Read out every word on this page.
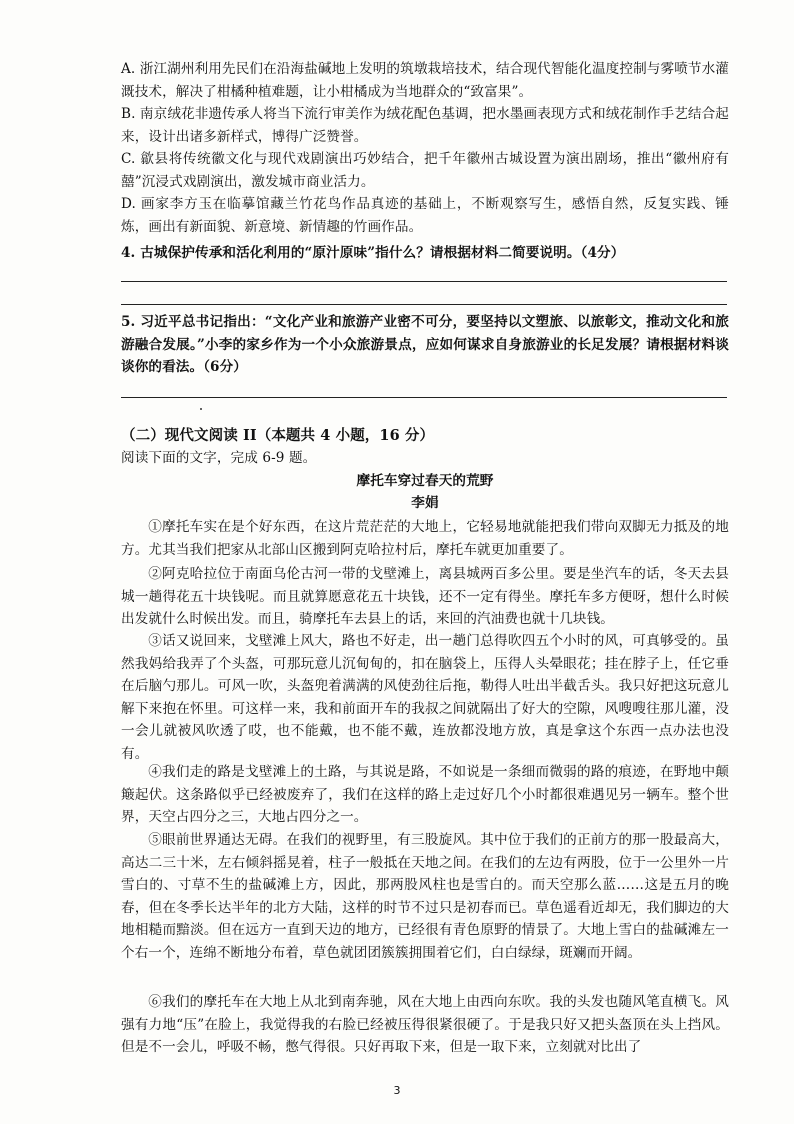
A. 浙江湖州利用先民们在沿海盐碱地上发明的筑墩栽培技术，结合现代智能化温度控制与雾喷节水灌溉技术，解决了柑橘种植难题，让小柑橘成为当地群众的“致富果”。
B. 南京绒花非遗传承人将当下流行审美作为绒花配色基调，把水墨画表现方式和绒花制作手艺结合起来，设计出诸多新样式，博得广泛赞誉。
C. 歙县将传统徽文化与现代戏剧演出巧妙结合，把千年徽州古城设置为演出剧场，推出“徽州府有囍”沉浸式戏剧演出，激发城市商业活力。
D. 画家李方玉在临摹馆藏兰竹花鸟作品真迹的基础上，不断观察写生，感悟自然，反复实践、锤炼，画出有新面貌、新意境、新情趣的竹画作品。
4. 古城保护传承和活化利用的“原汁原味”指什么？请根据材料二简要说明。（4分）
5. 习近平总书记指出：“文化产业和旅游产业密不可分，要坚持以文塑旅、以旅彰文，推动文化和旅游融合发展。”小李的家乡作为一个小众旅游景点，应如何谋求自身旅游业的长足发展？请根据材料谈谈你的看法。（6分）
（二）现代文阅读 II（本题共 4 小题，16 分）
阅读下面的文字，完成 6-9 题。
摩托车穿过春天的荒野
李娟
①摩托车实在是个好东西，在这片荒茫茫的大地上，它轻易地就能把我们带向双脚无力抵及的地方。尤其当我们把家从北部山区搬到阿克哈拉村后，摩托车就更加重要了。
②阿克哈拉位于南面乌伦古河一带的戈壁滩上，离县城两百多公里。要是坐汽车的话，冬天去县城一趟得花五十块钱呢。而且就算愿意花五十块钱，还不一定有得坐。摩托车多方便呀，想什么时候出发就什么时候出发。而且，骑摩托车去县上的话，来回的汽油费也就十几块钱。
③话又说回来，戈壁滩上风大，路也不好走，出一趟门总得吹四五个小时的风，可真够受的。虽然我妈给我弄了个头盔，可那玩意儿沉甸甸的，扣在脑袋上，压得人头晕眼花；挂在脖子上，任它垂在后脑勺那儿。可风一吹，头盔兜着满满的风使劲往后拖，勒得人吐出半截舌头。我只好把这玩意儿解下来抱在怀里。可这样一来，我和前面开车的我叔之间就隔出了好大的空隙，风嗖嗖往那儿灌，没一会儿就被风吹透了哎，也不能戴，也不能不戴，连放都没地方放，真是拿这个东西一点办法也没有。
④我们走的路是戈壁滩上的土路，与其说是路，不如说是一条细而微弱的路的痕迹，在野地中颠簸起伏。这条路似乎已经被废弃了，我们在这样的路上走过好几个小时都很难遇见另一辆车。整个世界，天空占四分之三，大地占四分之一。
⑤眼前世界通达无碍。在我们的视野里，有三股旋风。其中位于我们的正前方的那一股最高大，高达二三十米，左右倾斜摇晃着，柱子一般抵在天地之间。在我们的左边有两股，位于一公里外一片雪白的、寸草不生的盐碱滩上方，因此，那两股风柱也是雪白的。而天空那么蓝……这是五月的晚春，但在冬季长达半年的北方大陆，这样的时节不过只是初春而已。草色遥看近却无，我们脚边的大地相糙而黯淡。但在远方一直到天边的地方，已经很有青色原野的情景了。大地上雪白的盐碱滩左一个右一个，连绵不断地分布着，草色就团团簇簇拥围着它们，白白绿绿，斑斓而开阔。
⑥我们的摩托车在大地上从北到南奔驰，风在大地上由西向东吹。我的头发也随风笔直横飞。风强有力地“压”在脸上，我觉得我的右脸已经被压得很紧很硬了。于是我只好又把头盔顶在头上挡风。但是不一会儿，呼吸不畅，憋气得很。只好再取下来，但是一取下来，立刻就对比出了
3
